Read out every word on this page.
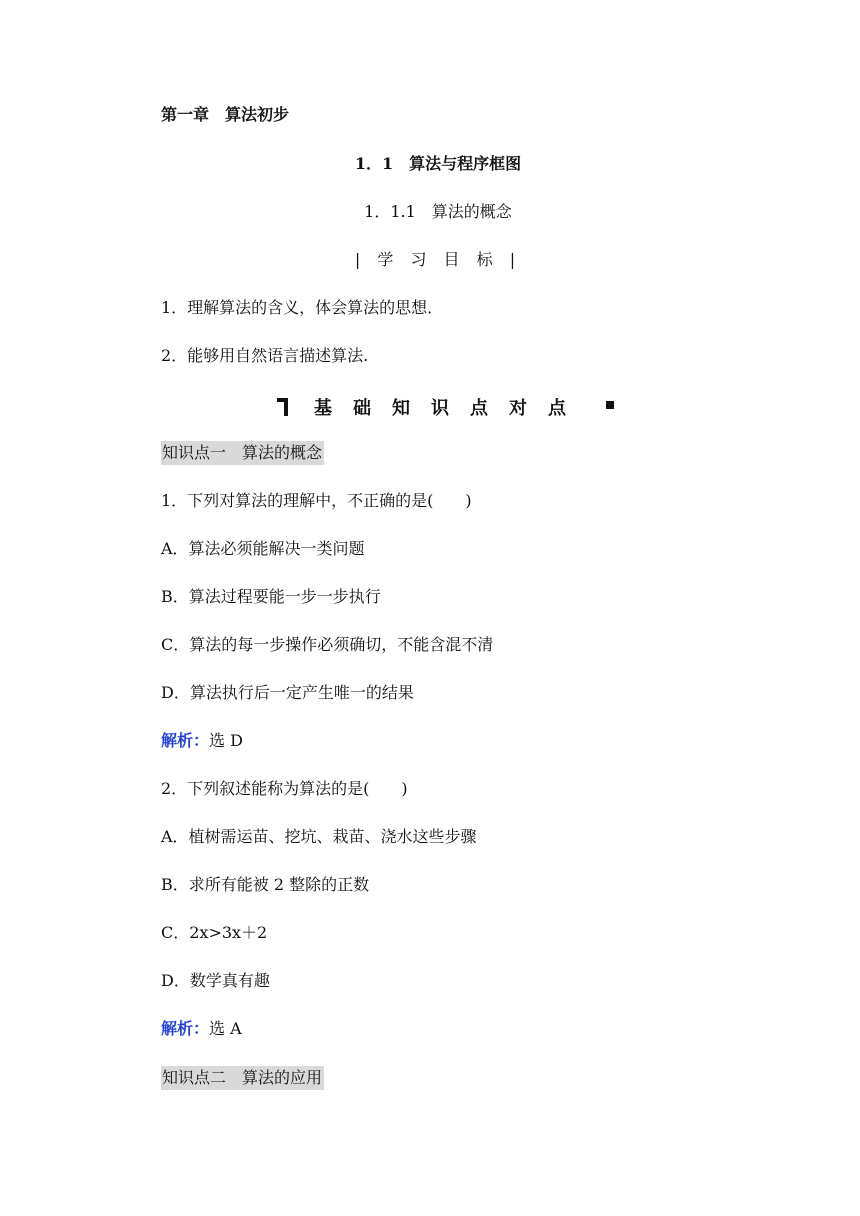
第一章　算法初步
1．1　算法与程序框图
1．1.1　算法的概念
| 学 习 目 标 |
1．理解算法的含义，体会算法的思想．
2．能够用自然语言描述算法.
基础知识点对点
知识点一　算法的概念
1．下列对算法的理解中，不正确的是(　　)
A．算法必须能解决一类问题
B．算法过程要能一步一步执行
C．算法的每一步操作必须确切，不能含混不清
D．算法执行后一定产生唯一的结果
解析：选 D
2．下列叙述能称为算法的是(　　)
A．植树需运苗、挖坑、栽苗、浇水这些步骤
B．求所有能被 2 整除的正数
C．2x>3x＋2
D．数学真有趣
解析：选 A
知识点二　算法的应用
